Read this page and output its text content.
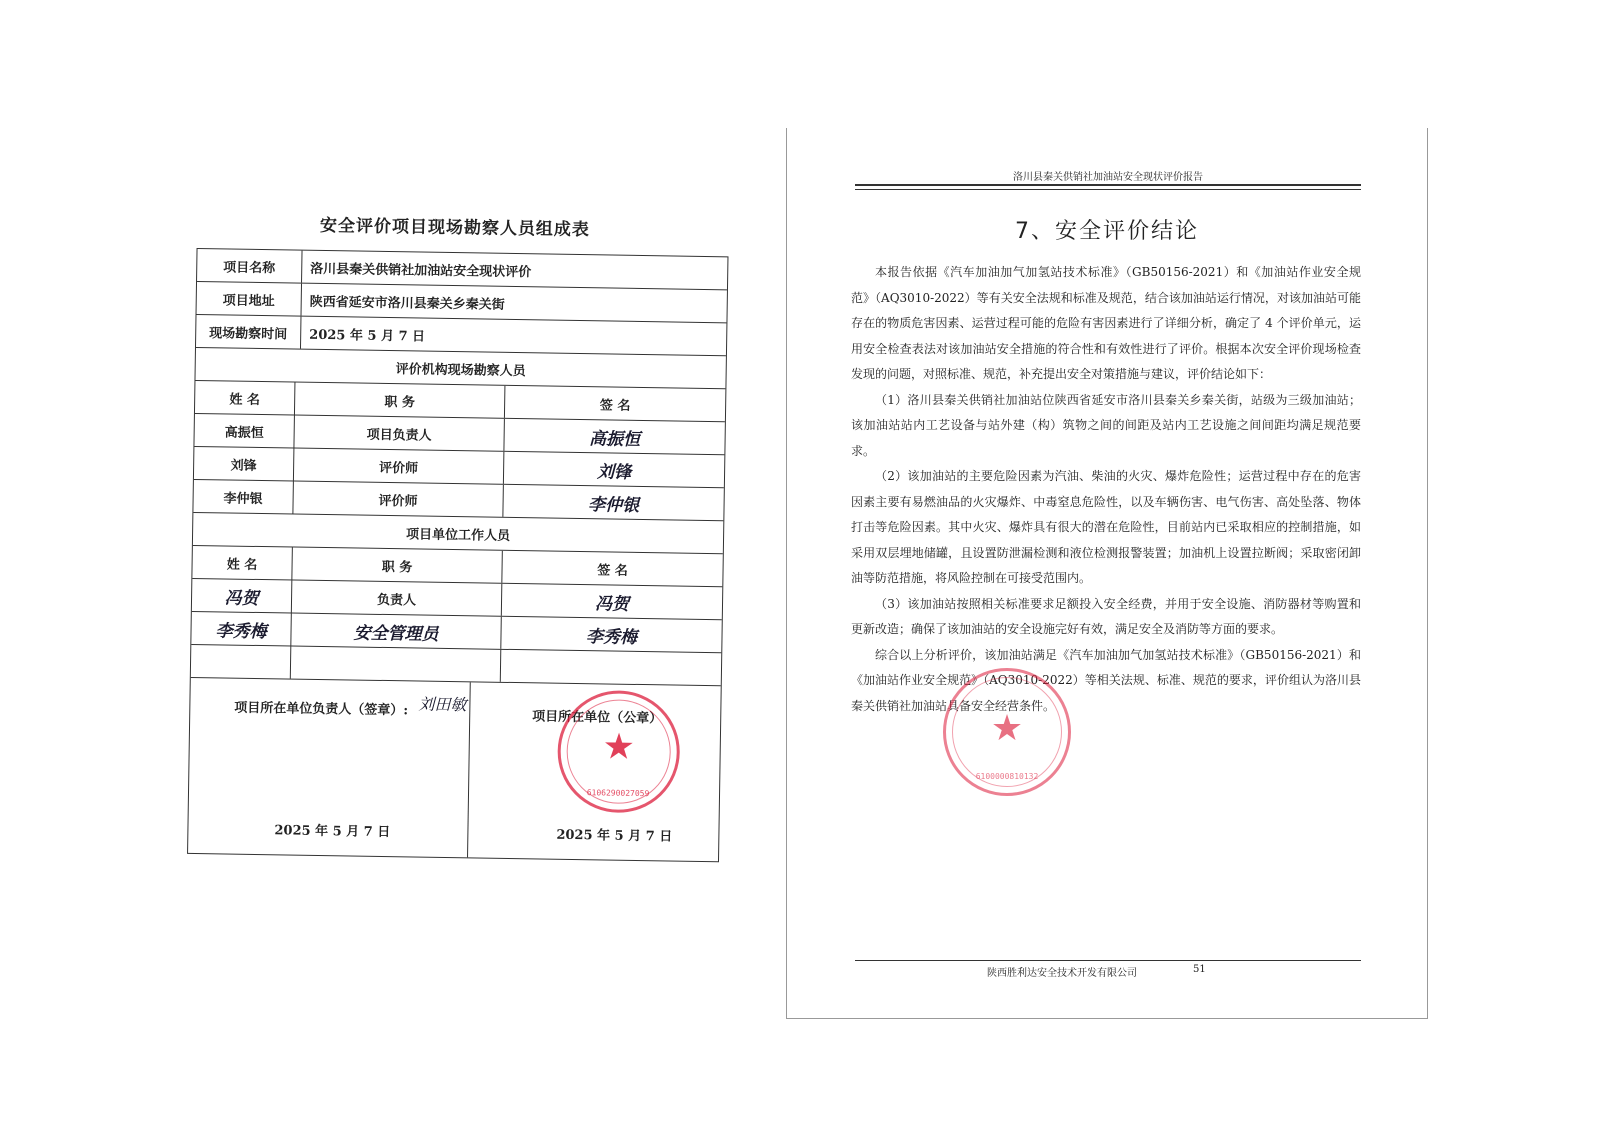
安全评价项目现场勘察人员组成表
项目名称	洛川县秦关供销社加油站安全现状评价
项目地址	陕西省延安市洛川县秦关乡秦关街
现场勘察时间	2025 年 5 月 7 日
评价机构现场勘察人员
姓 名	职 务	签 名
高振恒	项目负责人	高振恒
刘锋	评价师	刘锋
李仲银	评价师	李仲银
项目单位工作人员
姓 名	职 务	签 名
冯贺	负责人	冯贺
李秀梅	安全管理员	李秀梅
项目所在单位负责人（签章）: 刘田敏
2025 年 5 月 7 日
项目所在单位（公章）
★
6106290027059
2025 年 5 月 7 日
洛川县秦关供销社加油站安全现状评价报告
7、安全评价结论

本报告依据《汽车加油加气加氢站技术标准》（GB50156-2021）和《加油站作业安全规范》（AQ3010-2022）等有关安全法规和标准及规范，结合该加油站运行情况，对该加油站可能存在的物质危害因素、运营过程可能的危险有害因素进行了详细分析，确定了 4 个评价单元，运用安全检查表法对该加油站安全措施的符合性和有效性进行了评价。根据本次安全评价现场检查发现的问题，对照标准、规范，补充提出安全对策措施与建议，评价结论如下：

（1）洛川县秦关供销社加油站位陕西省延安市洛川县秦关乡秦关街，站级为三级加油站；该加油站站内工艺设备与站外建（构）筑物之间的间距及站内工艺设施之间间距均满足规范要求。

（2）该加油站的主要危险因素为汽油、柴油的火灾、爆炸危险性；运营过程中存在的危害因素主要有易燃油品的火灾爆炸、中毒窒息危险性，以及车辆伤害、电气伤害、高处坠落、物体打击等危险因素。其中火灾、爆炸具有很大的潜在危险性，目前站内已采取相应的控制措施，如采用双层埋地储罐，且设置防泄漏检测和液位检测报警装置；加油机上设置拉断阀；采取密闭卸油等防范措施，将风险控制在可接受范围内。

（3）该加油站按照相关标准要求足额投入安全经费，并用于安全设施、消防器材等购置和更新改造；确保了该加油站的安全设施完好有效，满足安全及消防等方面的要求。

综合以上分析评价，该加油站满足《汽车加油加气加氢站技术标准》（GB50156-2021）和《加油站作业安全规范》（AQ3010-2022）等相关法规、标准、规范的要求，评价组认为洛川县秦关供销社加油站具备安全经营条件。

★
6100000810132
陕西胜利达安全技术开发有限公司	51
